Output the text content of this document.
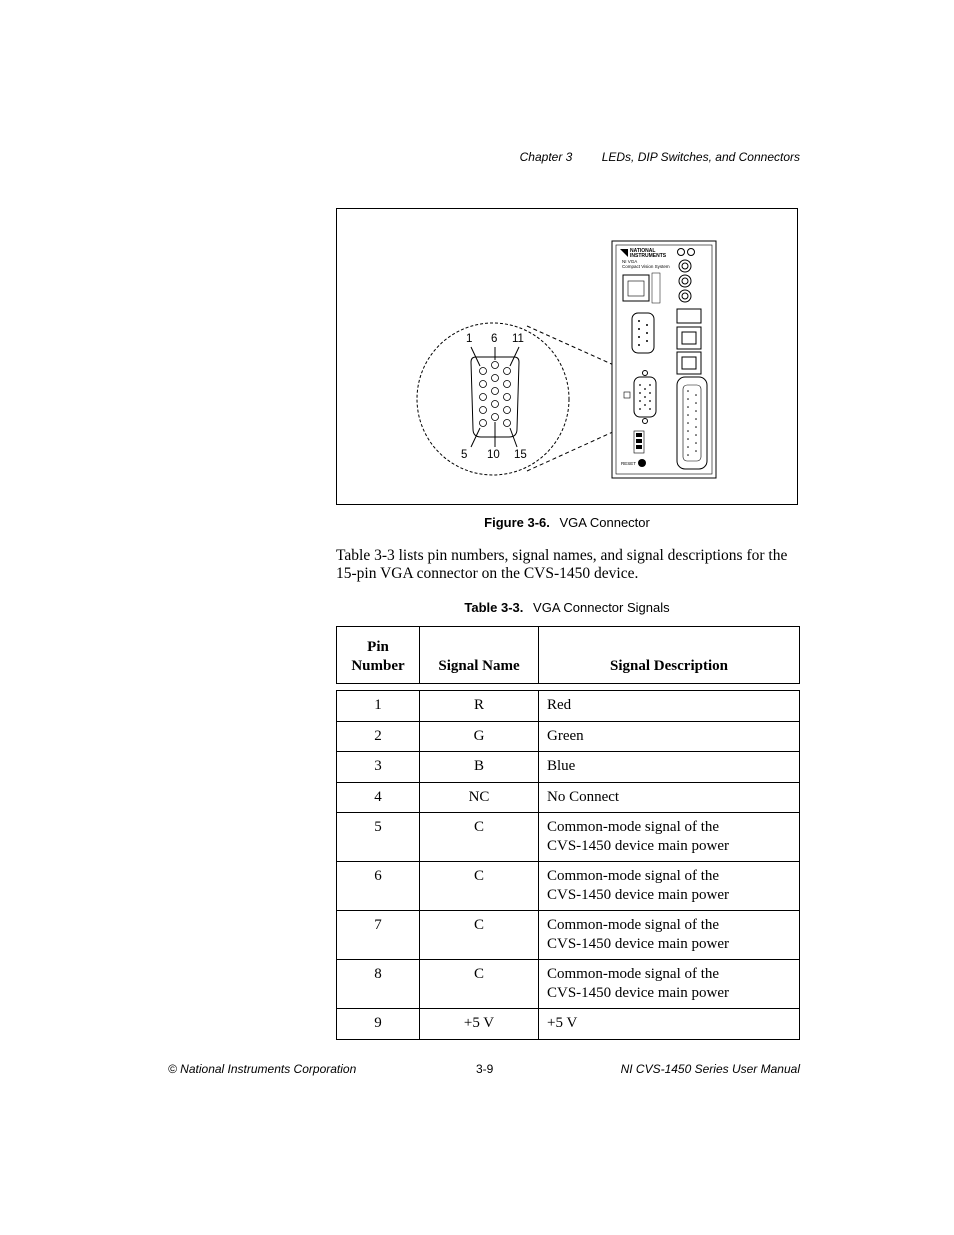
Chapter 3 LEDs, DIP Switches, and Connectors
1 6 11
5 10 15
NATIONAL
INSTRUMENTS
NI VGA
Compact Vision System
RESET
Figure 3-6. VGA Connector

Table 3-3 lists pin numbers, signal names, and signal descriptions for the 15-pin VGA connector on the CVS-1450 device.

Table 3-3. VGA Connector Signals
Pin
Number	Signal Name	Signal Description

1	R	Red
2	G	Green
3	B	Blue
4	NC	No Connect
5	C	Common-mode signal of the
CVS-1450 device main power
6	C	Common-mode signal of the
CVS-1450 device main power
7	C	Common-mode signal of the
CVS-1450 device main power
8	C	Common-mode signal of the
CVS-1450 device main power
9	+5 V	+5 V
© National Instruments Corporation	3-9	NI CVS-1450 Series User Manual
